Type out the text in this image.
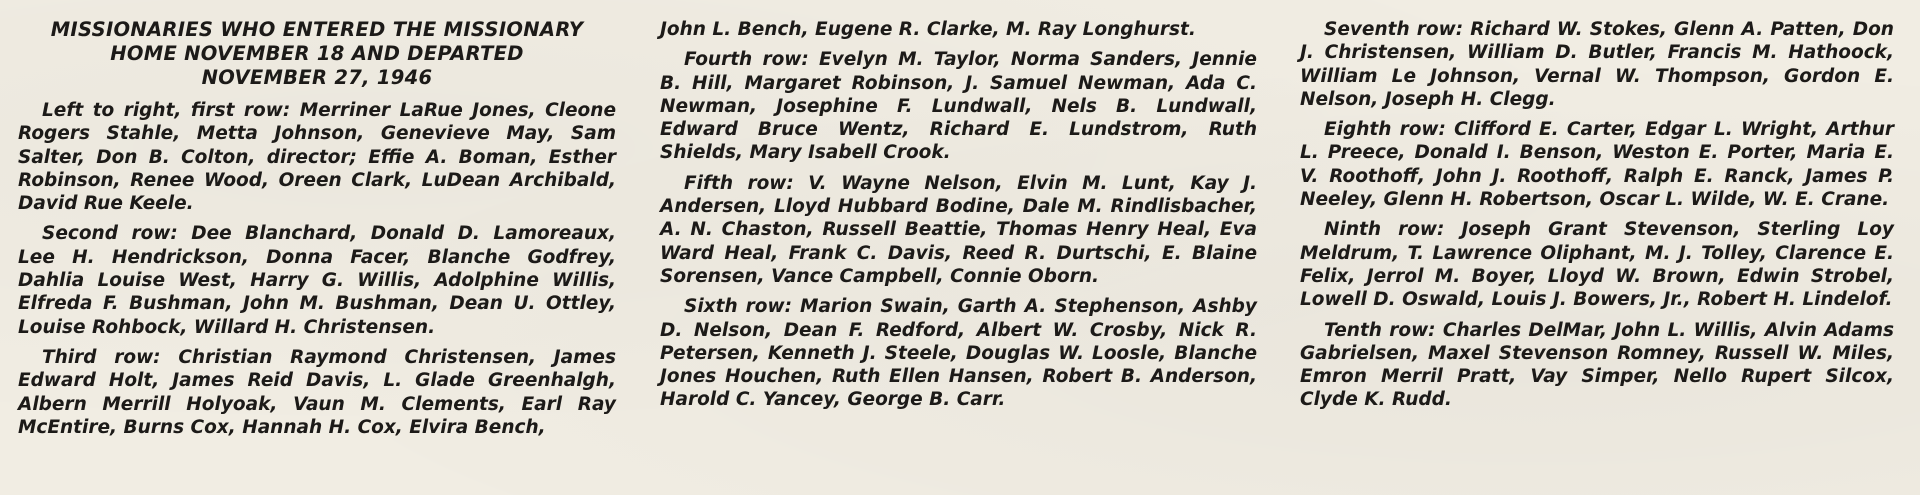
MISSIONARIES WHO ENTERED THE MISSIONARY
HOME NOVEMBER 18 AND DEPARTED
NOVEMBER 27, 1946

Left to right, first row: Merriner LaRue Jones, Cleone Rogers Stahle, Metta Johnson, Genevieve May, Sam Salter, Don B. Colton, director; Effie A. Boman, Esther Robinson, Renee Wood, Oreen Clark, LuDean Archibald, David Rue Keele.

Second row: Dee Blanchard, Donald D. Lamoreaux, Lee H. Hendrickson, Donna Facer, Blanche Godfrey, Dahlia Louise West, Harry G. Willis, Adolphine Willis, Elfreda F. Bushman, John M. Bushman, Dean U. Ottley, Louise Rohbock, Willard H. Christensen.

Third row: Christian Raymond Christensen, James Edward Holt, James Reid Davis, L. Glade Greenhalgh, Albern Merrill Holyoak, Vaun M. Clements, Earl Ray McEntire, Burns Cox, Hannah H. Cox, Elvira Bench,

John L. Bench, Eugene R. Clarke, M. Ray Longhurst.

Fourth row: Evelyn M. Taylor, Norma Sanders, Jennie B. Hill, Margaret Robinson, J. Samuel Newman, Ada C. Newman, Josephine F. Lundwall, Nels B. Lundwall, Edward Bruce Wentz, Richard E. Lundstrom, Ruth Shields, Mary Isabell Crook.

Fifth row: V. Wayne Nelson, Elvin M. Lunt, Kay J. Andersen, Lloyd Hubbard Bodine, Dale M. Rindlisbacher, A. N. Chaston, Russell Beattie, Thomas Henry Heal, Eva Ward Heal, Frank C. Davis, Reed R. Durtschi, E. Blaine Sorensen, Vance Campbell, Connie Oborn.

Sixth row: Marion Swain, Garth A. Stephenson, Ashby D. Nelson, Dean F. Redford, Albert W. Crosby, Nick R. Petersen, Kenneth J. Steele, Douglas W. Loosle, Blanche Jones Houchen, Ruth Ellen Hansen, Robert B. Anderson, Harold C. Yancey, George B. Carr.

Seventh row: Richard W. Stokes, Glenn A. Patten, Don J. Christensen, William D. Butler, Francis M. Hathoock, William Le Johnson, Vernal W. Thompson, Gordon E. Nelson, Joseph H. Clegg.

Eighth row: Clifford E. Carter, Edgar L. Wright, Arthur L. Preece, Donald I. Benson, Weston E. Porter, Maria E. V. Roothoff, John J. Roothoff, Ralph E. Ranck, James P. Neeley, Glenn H. Robertson, Oscar L. Wilde, W. E. Crane.

Ninth row: Joseph Grant Stevenson, Sterling Loy Meldrum, T. Lawrence Oliphant, M. J. Tolley, Clarence E. Felix, Jerrol M. Boyer, Lloyd W. Brown, Edwin Strobel, Lowell D. Oswald, Louis J. Bowers, Jr., Robert H. Lindelof.

Tenth row: Charles DelMar, John L. Willis, Alvin Adams Gabrielsen, Maxel Stevenson Romney, Russell W. Miles, Emron Merril Pratt, Vay Simper, Nello Rupert Silcox, Clyde K. Rudd.
